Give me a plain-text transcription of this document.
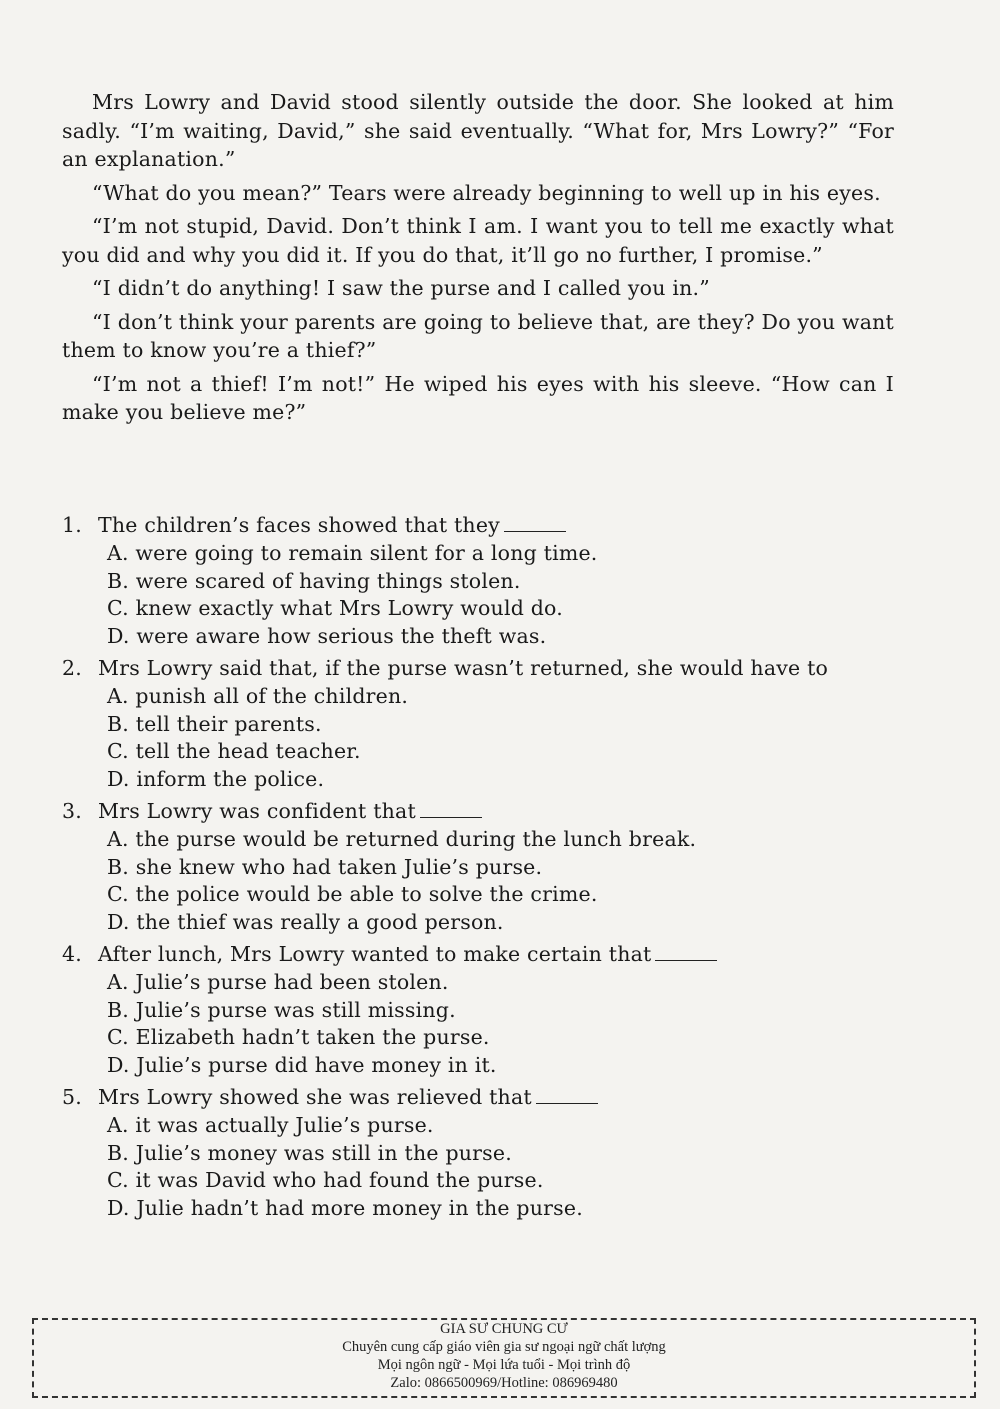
Mrs Lowry and David stood silently outside the door. She looked at him sadly. “I’m waiting, David,” she said eventually. “What for, Mrs Lowry?” “For an explanation.”

“What do you mean?” Tears were already beginning to well up in his eyes.

“I’m not stupid, David. Don’t think I am. I want you to tell me exactly what you did and why you did it. If you do that, it’ll go no further, I promise.”

“I didn’t do anything! I saw the purse and I called you in.”

“I don’t think your parents are going to believe that, are they? Do you want them to know you’re a thief?”

“I’m not a thief! I’m not!” He wiped his eyes with his sleeve. “How can I make you believe me?”

1. The children’s faces showed that they
A. were going to remain silent for a long time.
B. were scared of having things stolen.
C. knew exactly what Mrs Lowry would do.
D. were aware how serious the theft was.
2. Mrs Lowry said that, if the purse wasn’t returned, she would have to
A. punish all of the children.
B. tell their parents.
C. tell the head teacher.
D. inform the police.
3. Mrs Lowry was confident that
A. the purse would be returned during the lunch break.
B. she knew who had taken Julie’s purse.
C. the police would be able to solve the crime.
D. the thief was really a good person.
4. After lunch, Mrs Lowry wanted to make certain that
A. Julie’s purse had been stolen.
B. Julie’s purse was still missing.
C. Elizabeth hadn’t taken the purse.
D. Julie’s purse did have money in it.
5. Mrs Lowry showed she was relieved that
A. it was actually Julie’s purse.
B. Julie’s money was still in the purse.
C. it was David who had found the purse.
D. Julie hadn’t had more money in the purse.
GIA SƯ CHUNG CƯ
Chuyên cung cấp giáo viên gia sư ngoại ngữ chất lượng
Mọi ngôn ngữ - Mọi lứa tuổi - Mọi trình độ
Zalo: 0866500969/Hotline: 086969480
